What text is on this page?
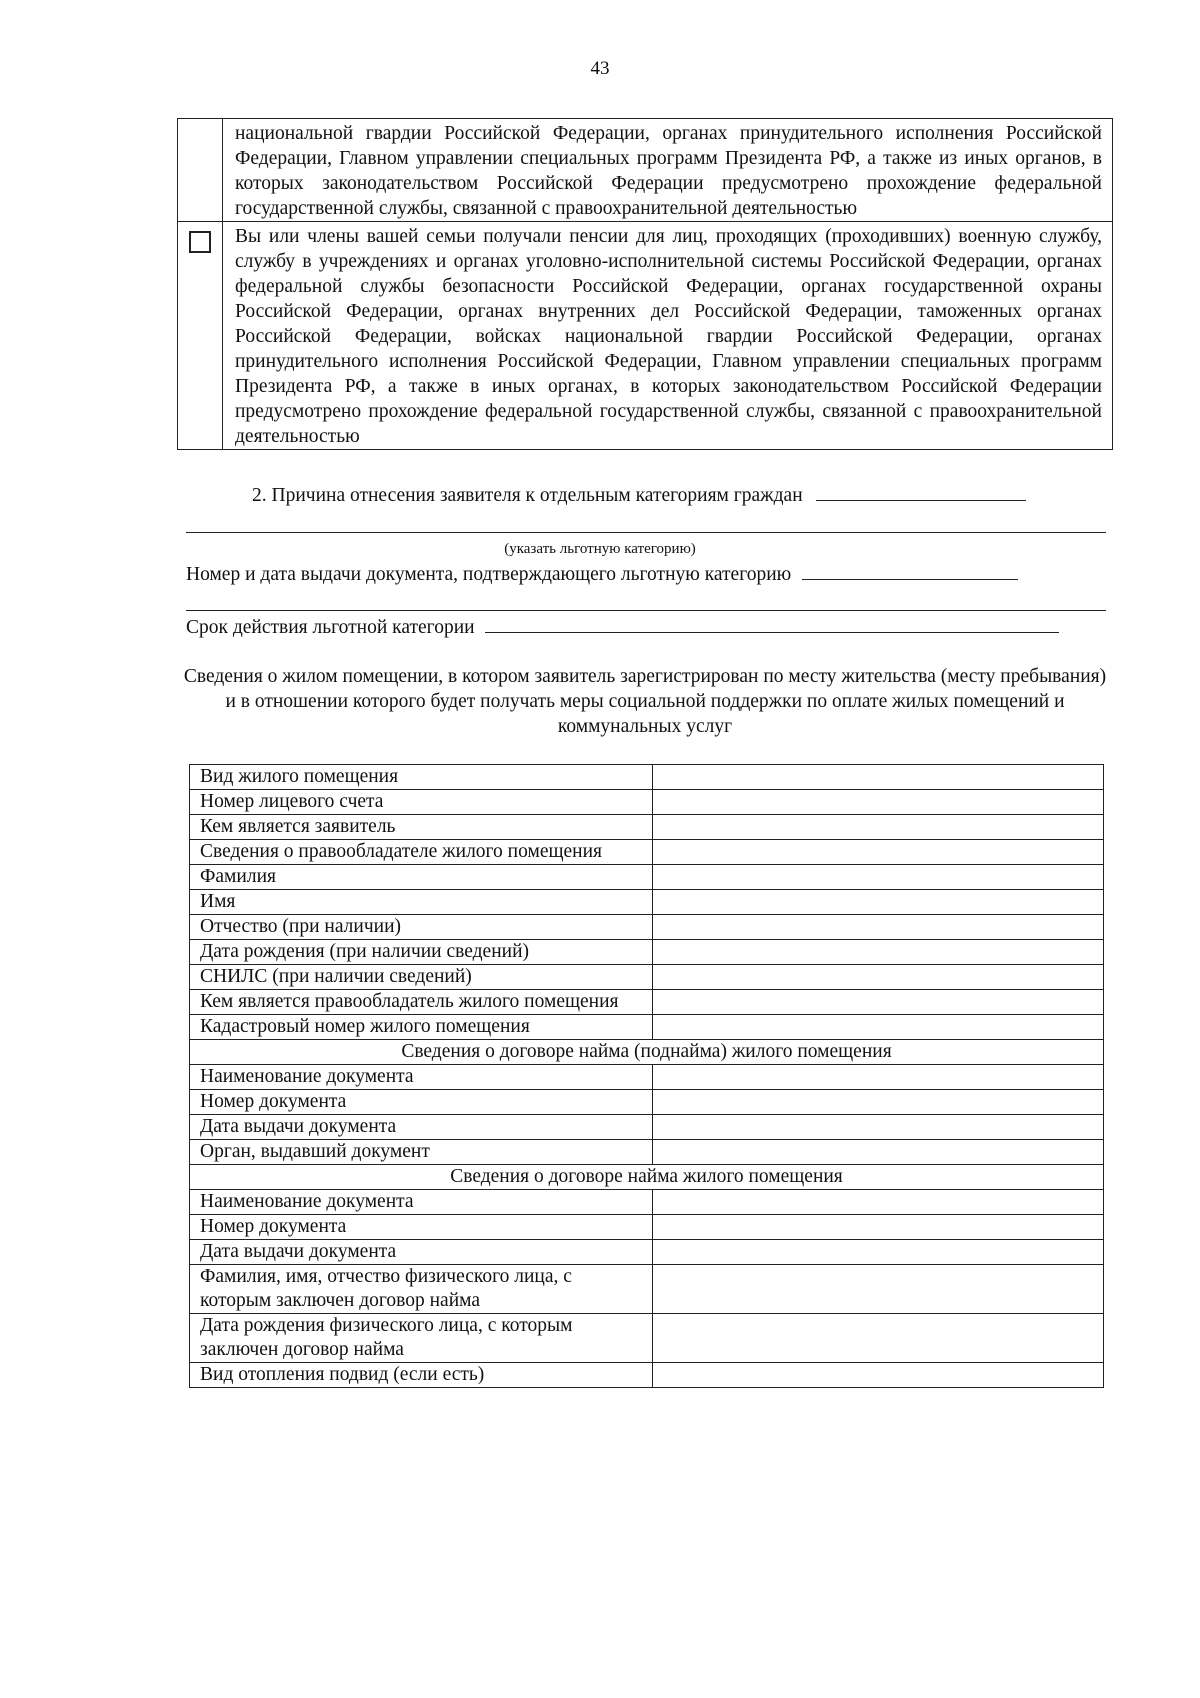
43
	национальной гвардии Российской Федерации, органах принудительного исполнения Российской Федерации, Главном управлении специальных программ Президента РФ, а также из иных органов, в которых законодательством Российской Федерации предусмотрено прохождение федеральной государственной службы, связанной с правоохранительной деятельностью

	Вы или члены вашей семьи получали пенсии для лиц, проходящих (проходивших) военную службу, службу в учреждениях и органах уголовно-исполнительной системы Российской Федерации, органах федеральной службы безопасности Российской Федерации, органах государственной охраны Российской Федерации, органах внутренних дел Российской Федерации, таможенных органах Российской Федерации, войсках национальной гвардии Российской Федерации, органах принудительного исполнения Российской Федерации, Главном управлении специальных программ Президента РФ, а также в иных органах, в которых законодательством Российской Федерации предусмотрено прохождение федеральной государственной службы, связанной с правоохранительной деятельностью
2. Причина отнесения заявителя к отдельным категориям граждан
(указать льготную категорию)
Номер и дата выдачи документа, подтверждающего льготную категорию
Срок действия льготной категории
Сведения о жилом помещении, в котором заявитель зарегистрирован по месту жительства (месту пребывания) и в отношении которого будет получать меры социальной поддержки по оплате жилых помещений и коммунальных услуг
Вид жилого помещения	
Номер лицевого счета	
Кем является заявитель	
Сведения о правообладателе жилого помещения	
Фамилия	
Имя	
Отчество (при наличии)	
Дата рождения (при наличии сведений)	
СНИЛС (при наличии сведений)	
Кем является правообладатель жилого помещения	
Кадастровый номер жилого помещения	
Сведения о договоре найма (поднайма) жилого помещения	
Наименование документа	
Номер документа	
Дата выдачи документа	
Орган, выдавший документ	
Сведения о договоре найма жилого помещения	
Наименование документа	
Номер документа	
Дата выдачи документа	
Фамилия, имя, отчество физического лица, с которым заключен договор найма	
Дата рождения физического лица, с которым заключен договор найма	
Вид отопления подвид (если есть)	
